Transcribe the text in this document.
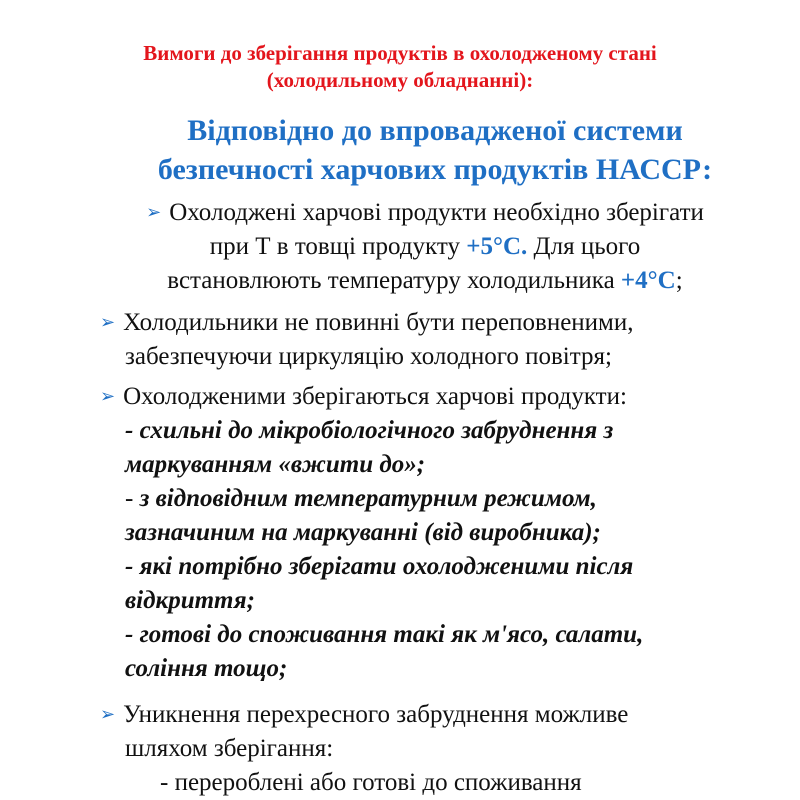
Вимоги до зберігання продуктів в охолодженому стані
(холодильному обладнанні):
Відповідно до впровадженої системи
безпечності харчових продуктів НАССР:
➢ Охолоджені харчові продукти необхідно зберігати
при Т в товщі продукту +5°С. Для цього
встановлюють температуру холодильника +4°С;
➢ Холодильники не повинні бути переповненими,
забезпечуючи циркуляцію холодного повітря;
➢ Охолодженими зберігаються харчові продукти:
- схильні до мікробіологічного забруднення з
маркуванням «вжити до»;
- з відповідним температурним режимом,
зазначиним на маркуванні (від виробника);
- які потрібно зберігати охолодженими після
відкриття;
- готові до споживання такі як м'ясо, салати,
соління тощо;
➢ Уникнення перехресного забруднення можливе
шляхом зберігання:
- перероблені або готові до споживання
